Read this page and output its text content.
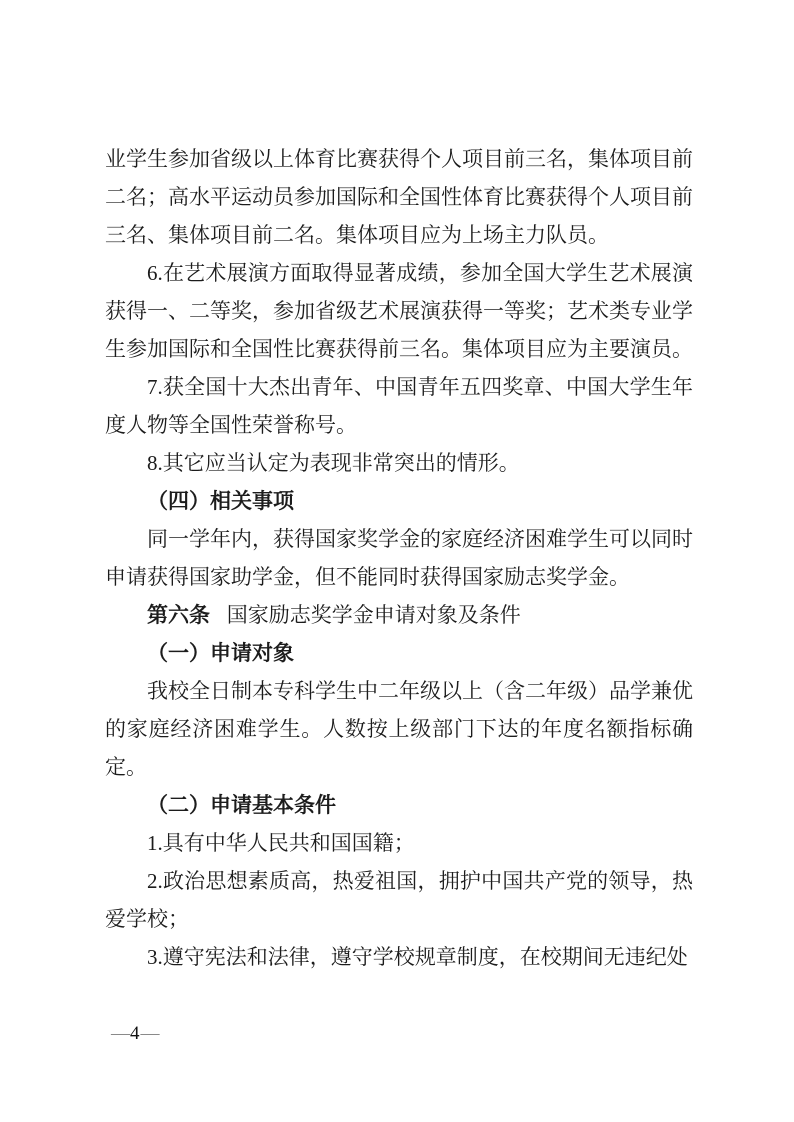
业学生参加省级以上体育比赛获得个人项目前三名，集体项目前二名；高水平运动员参加国际和全国性体育比赛获得个人项目前三名、集体项目前二名。集体项目应为上场主力队员。

6.在艺术展演方面取得显著成绩，参加全国大学生艺术展演获得一、二等奖，参加省级艺术展演获得一等奖；艺术类专业学生参加国际和全国性比赛获得前三名。集体项目应为主要演员。

7.获全国十大杰出青年、中国青年五四奖章、中国大学生年度人物等全国性荣誉称号。

8.其它应当认定为表现非常突出的情形。

（四）相关事项

同一学年内，获得国家奖学金的家庭经济困难学生可以同时申请获得国家助学金，但不能同时获得国家励志奖学金。

第六条 国家励志奖学金申请对象及条件

（一）申请对象

我校全日制本专科学生中二年级以上（含二年级）品学兼优的家庭经济困难学生。人数按上级部门下达的年度名额指标确定。

（二）申请基本条件

1.具有中华人民共和国国籍；

2.政治思想素质高，热爱祖国，拥护中国共产党的领导，热爱学校；

3.遵守宪法和法律，遵守学校规章制度，在校期间无违纪处

—4—
